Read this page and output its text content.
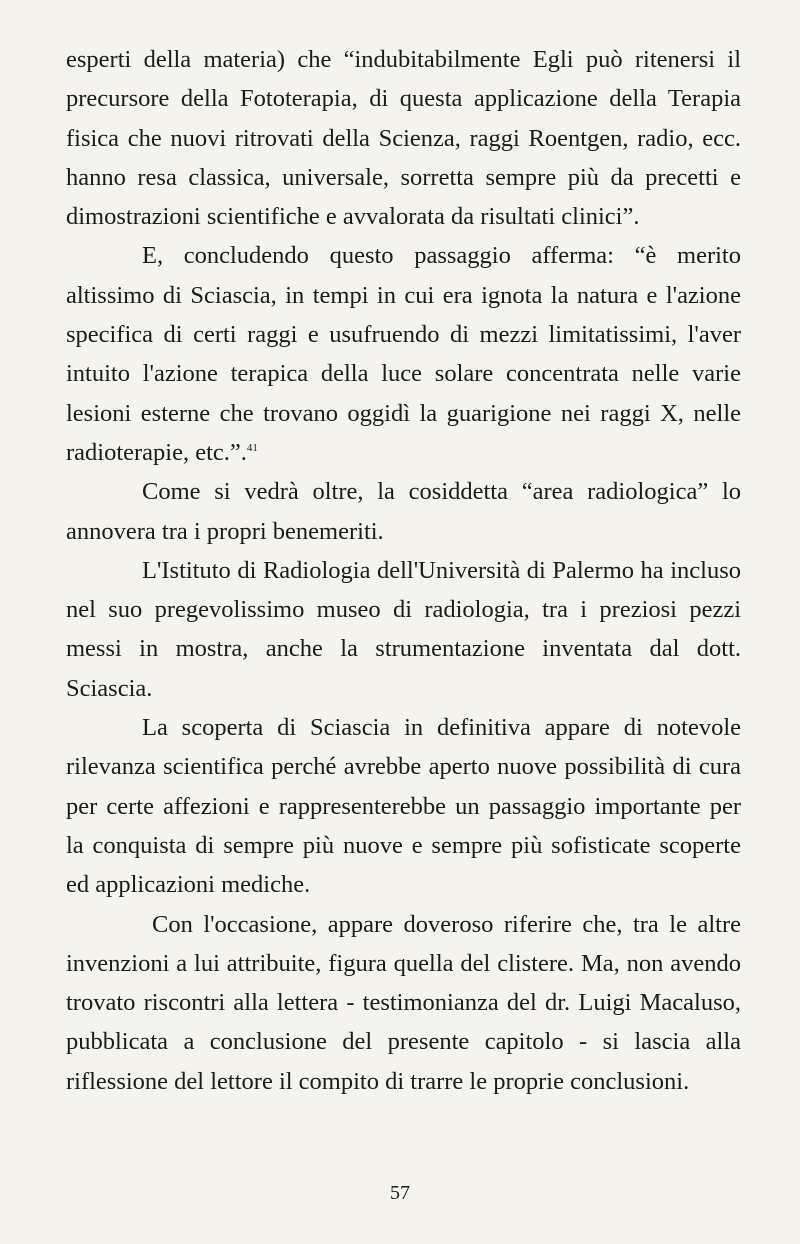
esperti della materia) che “indubitabilmente Egli può ritenersi il precursore della Fototerapia, di questa applicazione della Terapia fisica che nuovi ritrovati della Scienza, raggi Roentgen, radio, ecc. hanno resa classica, universale, sorretta sempre più da precetti e dimostrazioni scientifiche e avvalorata da risultati clinici”.

E, concludendo questo passaggio afferma: “è merito altissimo di Sciascia, in tempi in cui era ignota la natura e l'azione specifica di certi raggi e usufruendo di mezzi limitatissimi, l'aver intuito l'azione terapica della luce solare concentrata nelle varie lesioni esterne che trovano oggidì la guarigione nei raggi X, nelle radioterapie, etc.”.$^{41}$

Come si vedrà oltre, la cosiddetta “area radiologica” lo annovera tra i propri benemeriti.

L'Istituto di Radiologia dell'Università di Palermo ha incluso nel suo pregevolissimo museo di radiologia, tra i preziosi pezzi messi in mostra, anche la strumentazione inventata dal dott. Sciascia.

La scoperta di Sciascia in definitiva appare di notevole rilevanza scientifica perché avrebbe aperto nuove possibilità di cura per certe affezioni e rappresenterebbe un passaggio importante per la conquista di sempre più nuove e sempre più sofisticate scoperte ed applicazioni mediche.

Con l'occasione, appare doveroso riferire che, tra le altre invenzioni a lui attribuite, figura quella del clistere. Ma, non avendo trovato riscontri alla lettera - testimonianza del dr. Luigi Macaluso, pubblicata a conclusione del presente capitolo - si lascia alla riflessione del lettore il compito di trarre le proprie conclusioni.

57
